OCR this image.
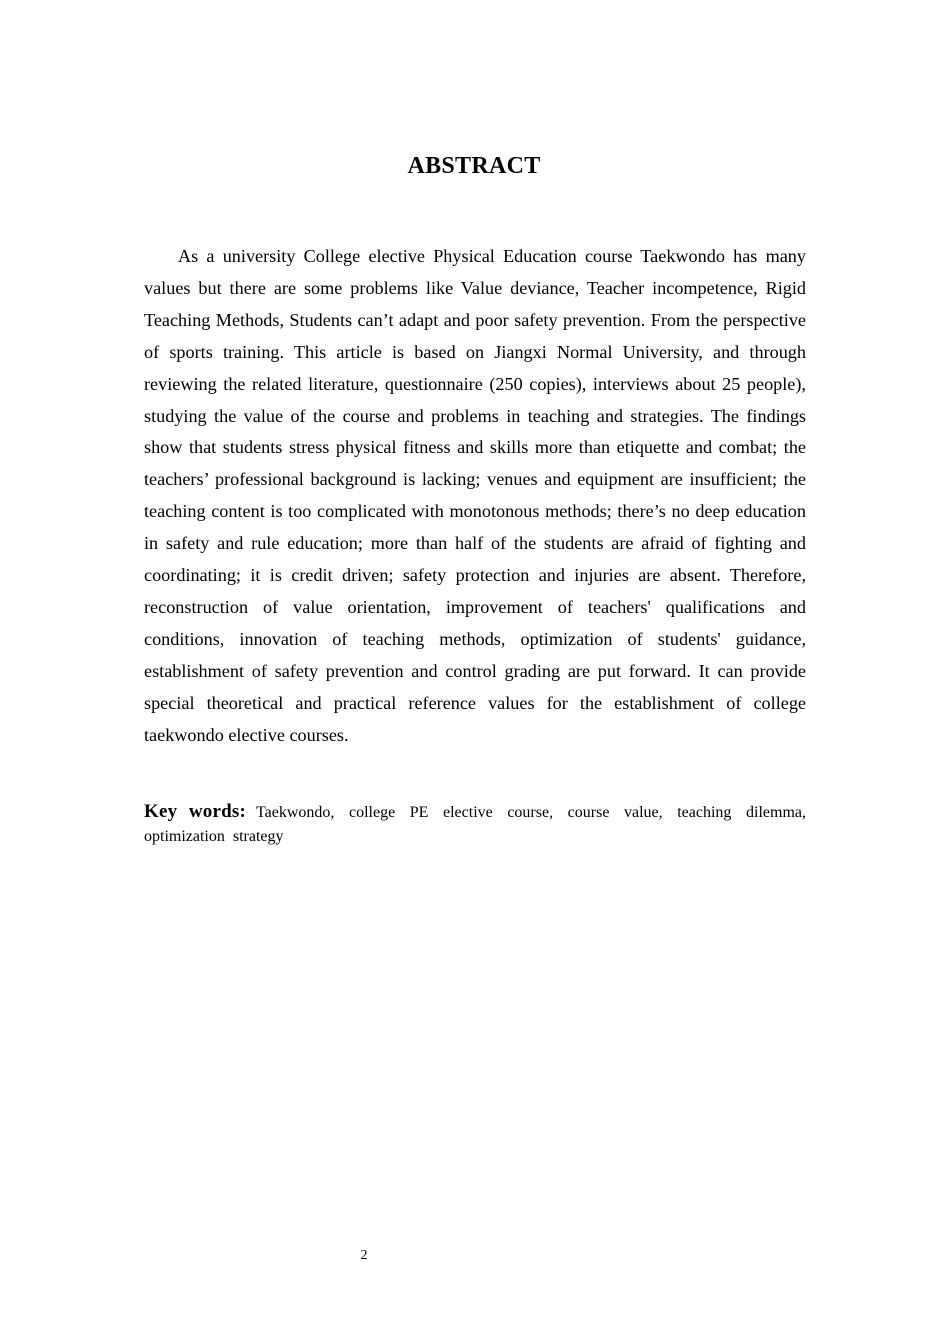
ABSTRACT

As a university College elective Physical Education course Taekwondo has many values but there are some problems like Value deviance, Teacher incompetence, Rigid Teaching Methods, Students can’t adapt and poor safety prevention. From the perspective of sports training. This article is based on Jiangxi Normal University, and through reviewing the related literature, questionnaire (250 copies), interviews about 25 people), studying the value of the course and problems in teaching and strategies. The findings show that students stress physical fitness and skills more than etiquette and combat; the teachers’ professional background is lacking; venues and equipment are insufficient; the teaching content is too complicated with monotonous methods; there’s no deep education in safety and rule education; more than half of the students are afraid of fighting and coordinating; it is credit driven; safety protection and injuries are absent. Therefore, reconstruction of value orientation, improvement of teachers' qualifications and conditions, innovation of teaching methods, optimization of students' guidance, establishment of safety prevention and control grading are put forward. It can provide special theoretical and practical reference values for the establishment of college taekwondo elective courses.

Key words: Taekwondo, college PE elective course, course value, teaching dilemma, optimization strategy

2
